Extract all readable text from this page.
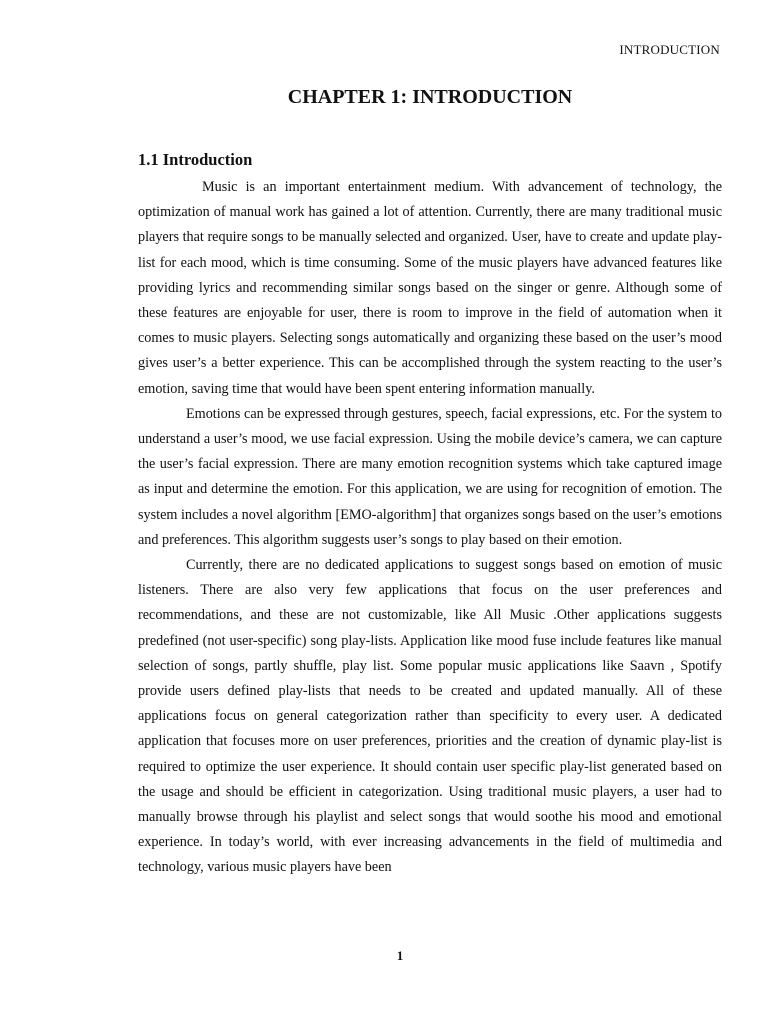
INTRODUCTION
CHAPTER 1: INTRODUCTION
1.1 Introduction

Music is an important entertainment medium. With advancement of technology, the optimization of manual work has gained a lot of attention. Currently, there are many traditional music players that require songs to be manually selected and organized. User, have to create and update play-list for each mood, which is time consuming. Some of the music players have advanced features like providing lyrics and recommending similar songs based on the singer or genre. Although some of these features are enjoyable for user, there is room to improve in the field of automation when it comes to music players. Selecting songs automatically and organizing these based on the user’s mood gives user’s a better experience. This can be accomplished through the system reacting to the user’s emotion, saving time that would have been spent entering information manually.

Emotions can be expressed through gestures, speech, facial expressions, etc. For the system to understand a user’s mood, we use facial expression. Using the mobile device’s camera, we can capture the user’s facial expression. There are many emotion recognition systems which take captured image as input and determine the emotion. For this application, we are using for recognition of emotion. The system includes a novel algorithm [EMO-algorithm] that organizes songs based on the user’s emotions and preferences. This algorithm suggests user’s songs to play based on their emotion.

Currently, there are no dedicated applications to suggest songs based on emotion of music listeners. There are also very few applications that focus on the user preferences and recommendations, and these are not customizable, like All Music .Other applications suggests predefined (not user-specific) song play-lists. Application like mood fuse include features like manual selection of songs, partly shuffle, play list. Some popular music applications like Saavn , Spotify provide users defined play-lists that needs to be created and updated manually. All of these applications focus on general categorization rather than specificity to every user. A dedicated application that focuses more on user preferences, priorities and the creation of dynamic play-list is required to optimize the user experience. It should contain user specific play-list generated based on the usage and should be efficient in categorization. Using traditional music players, a user had to manually browse through his playlist and select songs that would soothe his mood and emotional experience. In today’s world, with ever increasing advancements in the field of multimedia and technology, various music players have been

1
